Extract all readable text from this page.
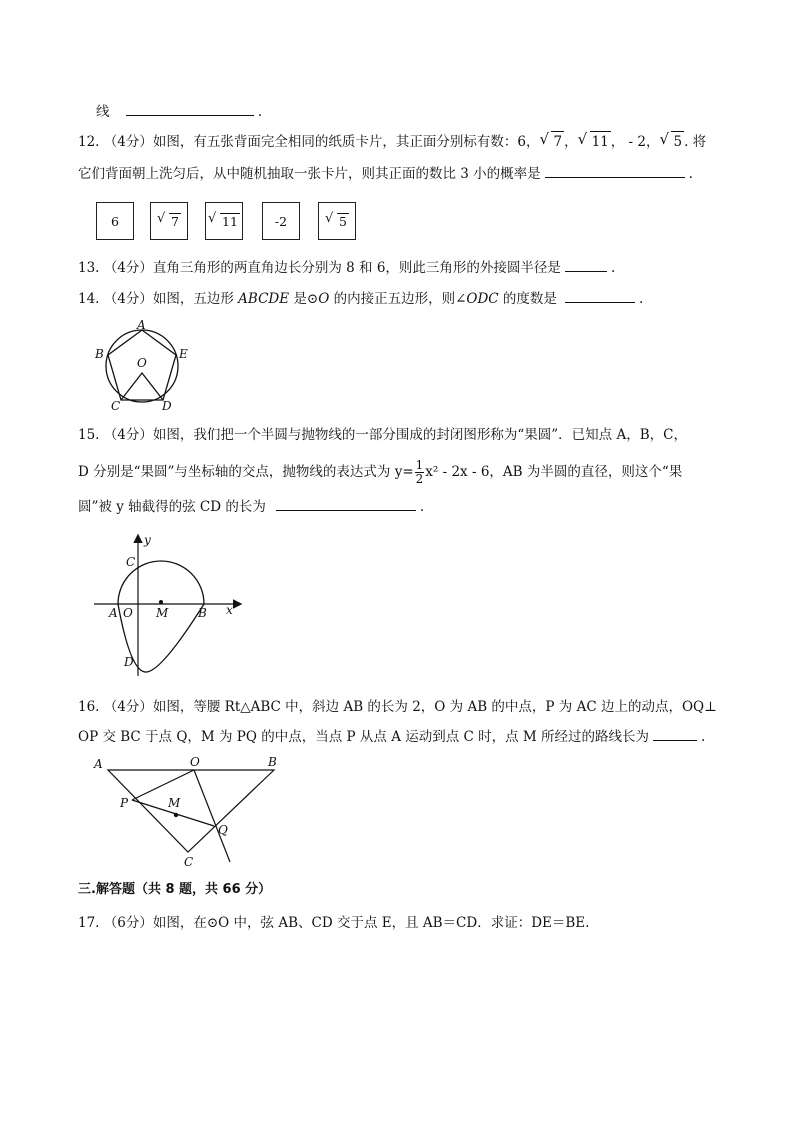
线	.
12. （4分）如图，有五张背面完全相同的纸质卡片，其正面分别标有数：6， √ 7 ， √ 11 ， - 2， √ 5 . 将
它们背面朝上洗匀后，从中随机抽取一张卡片，则其正面的数比 3 小的概率是	.
6	√ 7	√ 11	-2	√ 5
13. （4分）直角三角形的两直角边长分别为 8 和 6，则此三角形的外接圆半径是	.
14. （4分）如图，五边形 ABCDE 是⊙O 的内接正五边形，则∠ODC 的度数是	.
A
B	E
O
C	D
15. （4分）如图，我们把一个半圆与抛物线的一部分围成的封闭图形称为“果圆”．已知点 A，B，C，
D 分别是“果圆”与坐标轴的交点，抛物线的表达式为 $y= \frac{1}{2} x^2 - 2x - 6$，AB 为半圆的直径，则这个“果
圆”被 y 轴截得的弦 CD 的长为	.
y
x
C
A O M B
D
16. （4分）如图，等腰 Rt△ABC 中，斜边 AB 的长为 2，O 为 AB 的中点，P 为 AC 边上的动点，OQ⊥
OP 交 BC 于点 Q，M 为 PQ 的中点，当点 P 从点 A 运动到点 C 时，点 M 所经过的路线长为	.
A	O	B
P	M
Q
C
三.解答题（共 8 题，共 66 分）
17. （6分）如图，在⊙O 中，弦 AB、CD 交于点 E，且 AB＝CD．求证：DE＝BE.
